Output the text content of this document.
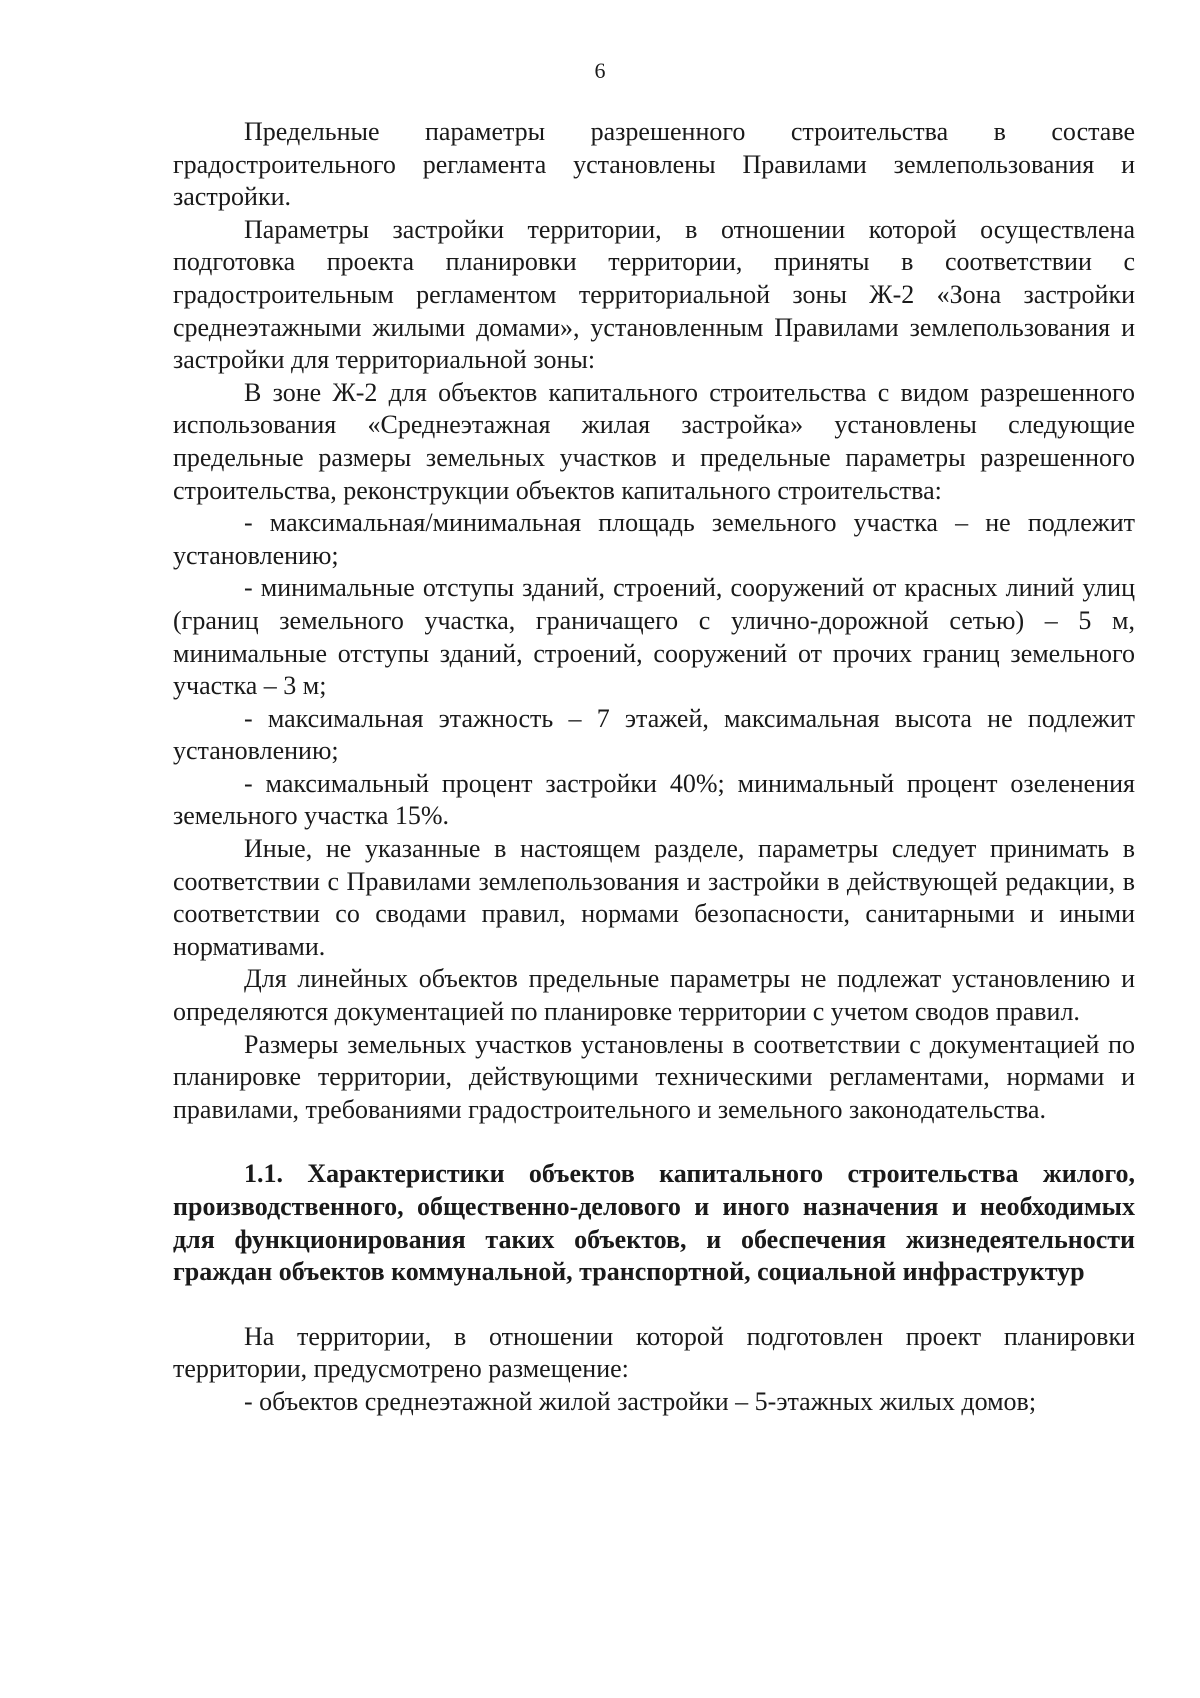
6

Предельные параметры разрешенного строительства в составе градостроительного регламента установлены Правилами землепользования и застройки.

Параметры застройки территории, в отношении которой осуществлена подготовка проекта планировки территории, приняты в соответствии с градостроительным регламентом территориальной зоны Ж-2 «Зона застройки среднеэтажными жилыми домами», установленным Правилами землепользования и застройки для территориальной зоны:

В зоне Ж-2 для объектов капитального строительства с видом разрешенного использования «Среднеэтажная жилая застройка» установлены следующие предельные размеры земельных участков и предельные параметры разрешенного строительства, реконструкции объектов капитального строительства:

- максимальная/минимальная площадь земельного участка – не подлежит установлению;

- минимальные отступы зданий, строений, сооружений от красных линий улиц (границ земельного участка, граничащего с улично-дорожной сетью) – 5 м, минимальные отступы зданий, строений, сооружений от прочих границ земельного участка – 3 м;

- максимальная этажность – 7 этажей, максимальная высота не подлежит установлению;

- максимальный процент застройки 40%; минимальный процент озеленения земельного участка 15%.

Иные, не указанные в настоящем разделе, параметры следует принимать в соответствии с Правилами землепользования и застройки в действующей редакции, в соответствии со сводами правил, нормами безопасности, санитарными и иными нормативами.

Для линейных объектов предельные параметры не подлежат установлению и определяются документацией по планировке территории с учетом сводов правил.

Размеры земельных участков установлены в соответствии с документацией по планировке территории, действующими техническими регламентами, нормами и правилами, требованиями градостроительного и земельного законодательства.

1.1. Характеристики объектов капитального строительства жилого, производственного, общественно-делового и иного назначения и необходимых для функционирования таких объектов, и обеспечения жизнедеятельности граждан объектов коммунальной, транспортной, социальной инфраструктур

На территории, в отношении которой подготовлен проект планировки территории, предусмотрено размещение:

- объектов среднеэтажной жилой застройки – 5-этажных жилых домов;
